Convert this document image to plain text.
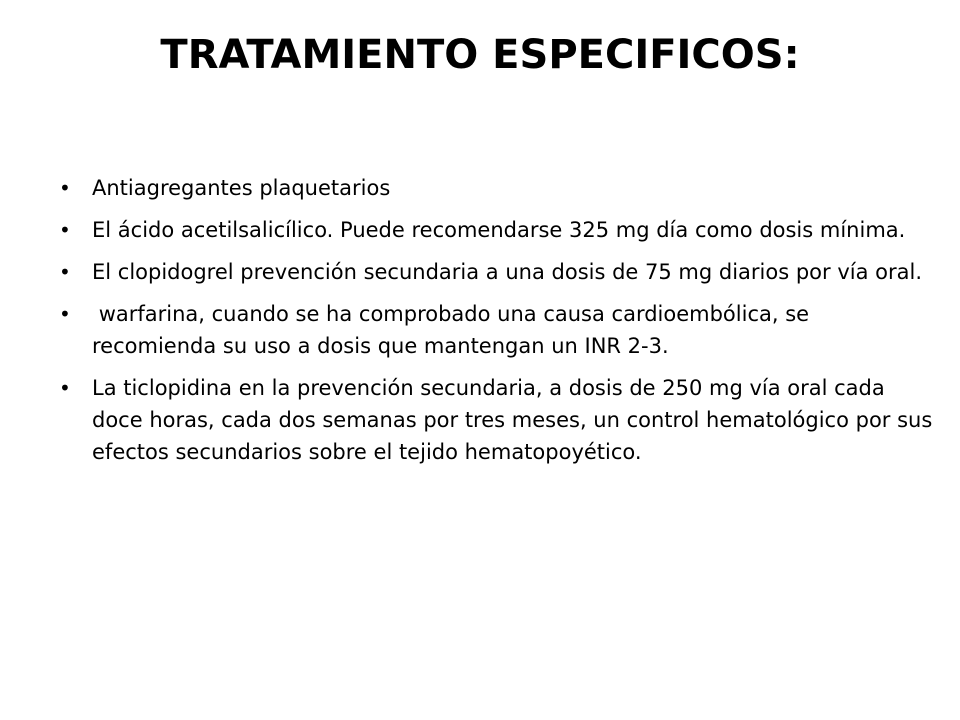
TRATAMIENTO ESPECIFICOS:
• Antiagregantes plaquetarios
• El ácido acetilsalicílico. Puede recomendarse 325 mg día como dosis mínima.
• El clopidogrel prevención secundaria a una dosis de 75 mg diarios por vía oral.
• warfarina, cuando se ha comprobado una causa cardioembólica, se recomienda su uso a dosis que mantengan un INR 2-3.
• La ticlopidina en la prevención secundaria, a dosis de 250 mg vía oral cada doce horas, cada dos semanas por tres meses, un control hematológico por sus efectos secundarios sobre el tejido hematopoyético.
